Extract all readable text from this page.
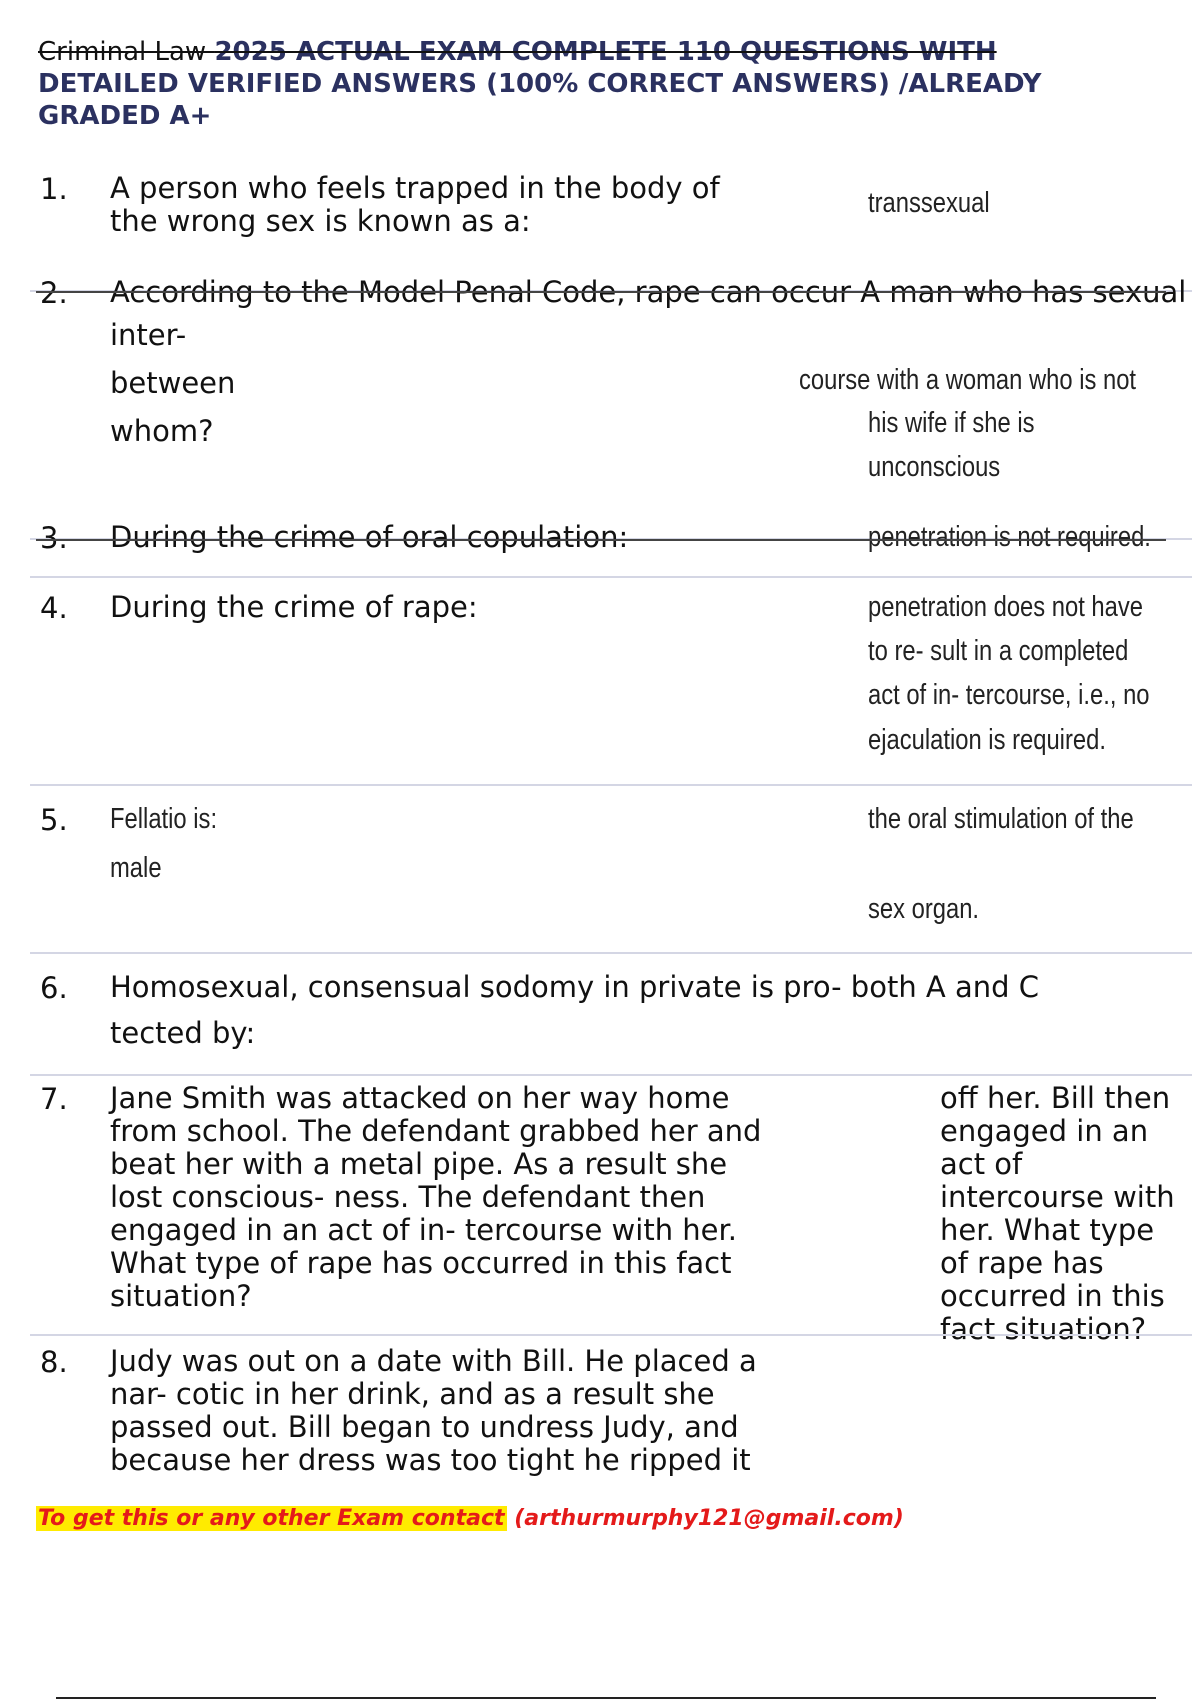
Criminal Law 2025 ACTUAL EXAM COMPLETE 110 QUESTIONS WITH
DETAILED VERIFIED ANSWERS (100% CORRECT ANSWERS) /ALREADY
GRADED A+
1. A person who feels trapped in the body of
the wrong sex is known as a:
transsexual
2. According to the Model Penal Code, rape can occur A man who has sexual
inter-
between
whom?
course with a woman who is not
his wife if she is
unconscious
3. During the crime of oral copulation:	penetration is not required.
4. During the crime of rape:	penetration does not have
to re- sult in a completed
act of in- tercourse, i.e., no
ejaculation is required.
5. Fellatio is:
male
the oral stimulation of the
sex organ.
6. Homosexual, consensual sodomy in private is pro- both A and C
tected by:
7. Jane Smith was attacked on her way home
from school. The defendant grabbed her and
beat her with a metal pipe. As a result she
lost conscious- ness. The defendant then
engaged in an act of in- tercourse with her.
What type of rape has occurred in this fact
situation?
off her. Bill then
engaged in an
act of
intercourse with
her. What type
of rape has
occurred in this
fact situation?
8. Judy was out on a date with Bill. He placed a
nar- cotic in her drink, and as a result she
passed out. Bill began to undress Judy, and
because her dress was too tight he ripped it
To get this or any other Exam contact (arthurmurphy121@gmail.com)
